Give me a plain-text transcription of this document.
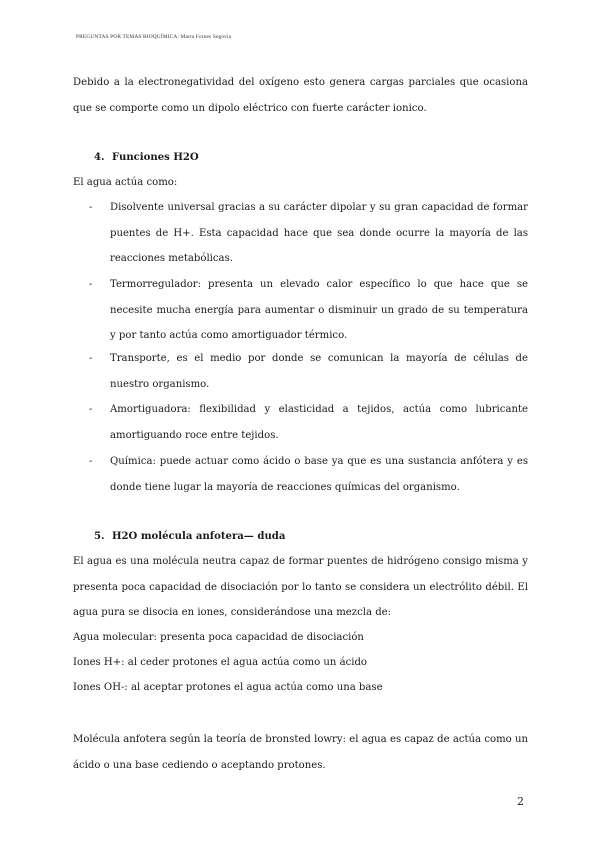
PREGUNTAS POR TEMAS BIOQUÍMICA: Marta Fornes Segovia
Debido a la electronegatividad del oxígeno esto genera cargas parciales que ocasiona que se comporte como un dipolo eléctrico con fuerte carácter ionico.
4. Funciones H2O
El agua actúa como:
- Disolvente universal gracias a su carácter dipolar y su gran capacidad de formar puentes de H+. Esta capacidad hace que sea donde ocurre la mayoría de las reacciones metabólicas.
- Termorregulador: presenta un elevado calor específico lo que hace que se necesite mucha energía para aumentar o disminuir un grado de su temperatura y por tanto actúa como amortiguador térmico.
- Transporte, es el medio por donde se comunican la mayoría de células de nuestro organismo.
- Amortiguadora: flexibilidad y elasticidad a tejidos, actúa como lubricante amortiguando roce entre tejidos.
- Química: puede actuar como ácido o base ya que es una sustancia anfótera y es donde tiene lugar la mayoría de reacciones químicas del organismo.
5. H2O molécula anfotera— duda
El agua es una molécula neutra capaz de formar puentes de hidrógeno consigo misma y presenta poca capacidad de disociación por lo tanto se considera un electrólito débil. El agua pura se disocia en iones, considerándose una mezcla de:
Agua molecular: presenta poca capacidad de disociación
Iones H+: al ceder protones el agua actúa como un ácido
Iones OH-: al aceptar protones el agua actúa como una base
Molécula anfotera según la teoría de bronsted lowry: el agua es capaz de actúa como un ácido o una base cediendo o aceptando protones.
2
